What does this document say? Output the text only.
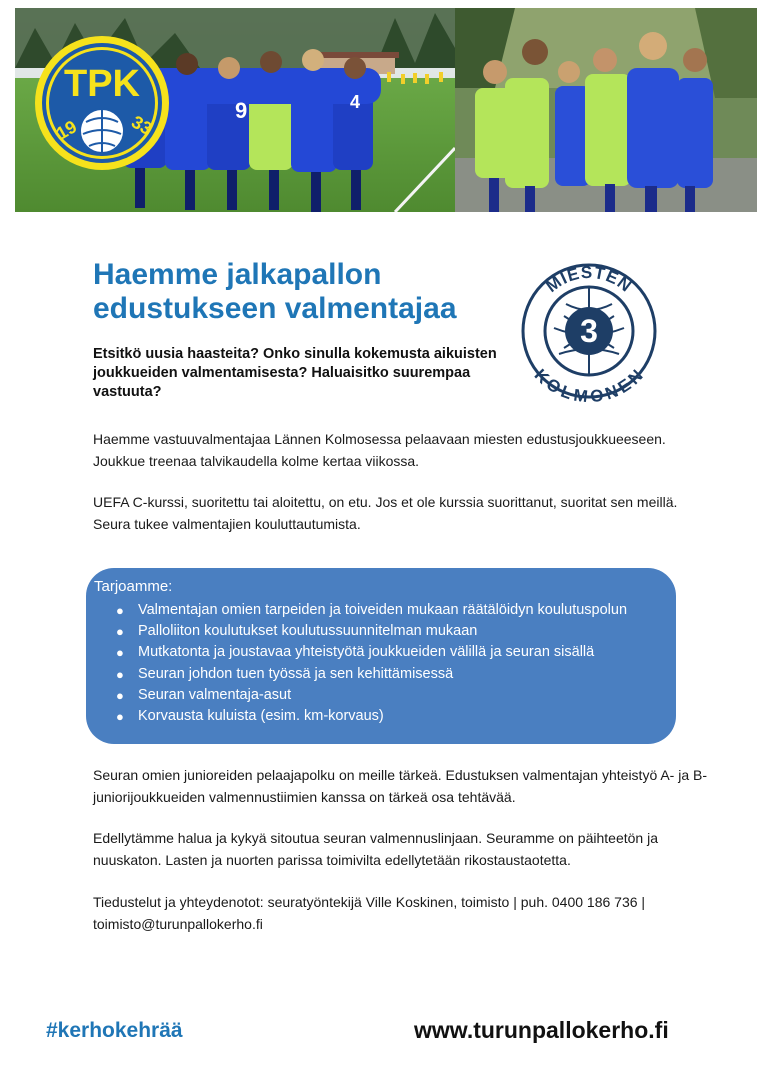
9	4
TPK
19	33
Haemme jalkapallon edustukseen valmentajaa

Etsitkö uusia haasteita? Onko sinulla kokemusta aikuisten joukkueiden valmentamisesta? Haluaisitko suurempaa vastuuta?

3
MIESTEN
KOLMONEN

Haemme vastuuvalmentajaa Lännen Kolmosessa pelaavaan miesten edustusjoukkueeseen. Joukkue treenaa talvikaudella kolme kertaa viikossa.

UEFA C-kurssi, suoritettu tai aloitettu, on etu. Jos et ole kurssia suorittanut, suoritat sen meillä. Seura tukee valmentajien kouluttautumista.

Tarjoamme:

● Valmentajan omien tarpeiden ja toiveiden mukaan räätälöidyn koulutuspolun
● Palloliiton koulutukset koulutussuunnitelman mukaan
● Mutkatonta ja joustavaa yhteistyötä joukkueiden välillä ja seuran sisällä
● Seuran johdon tuen työssä ja sen kehittämisessä
● Seuran valmentaja-asut
● Korvausta kuluista (esim. km-korvaus)

Seuran omien junioreiden pelaajapolku on meille tärkeä. Edustuksen valmentajan yhteistyö A- ja B-juniorijoukkueiden valmennustiimien kanssa on tärkeä osa tehtävää.

Edellytämme halua ja kykyä sitoutua seuran valmennuslinjaan. Seuramme on päihteetön ja nuuskaton. Lasten ja nuorten parissa toimivilta edellytetään rikostaustaotetta.

Tiedustelut ja yhteydenotot: seuratyöntekijä Ville Koskinen, toimisto | puh. 0400 186 736 | toimisto@turunpallokerho.fi

#kerhokehrää	www.turunpallokerho.fi
